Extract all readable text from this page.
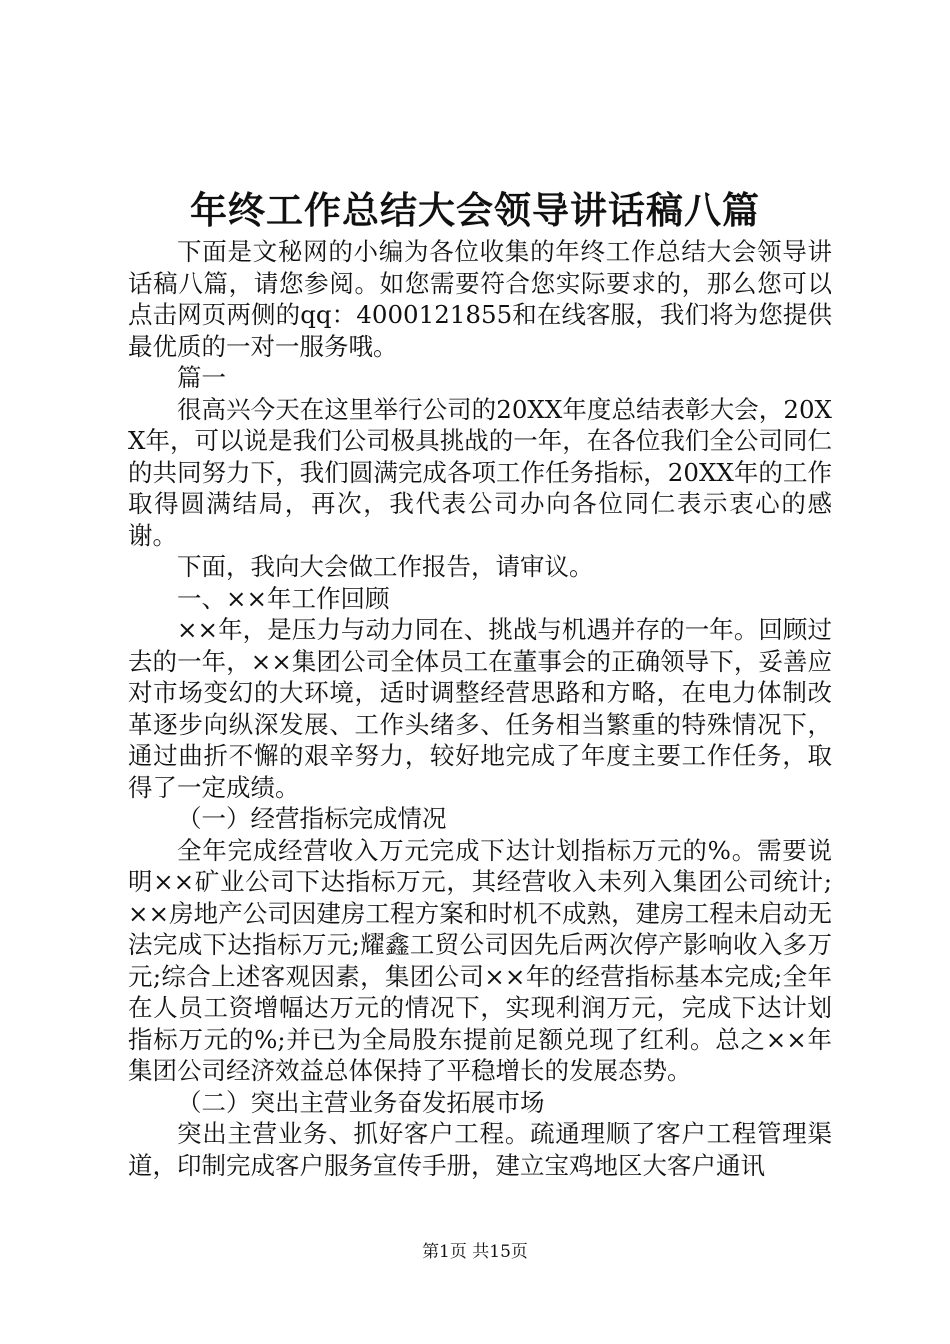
年终工作总结大会领导讲话稿八篇

下面是文秘网的小编为各位收集的年终工作总结大会领导讲话稿八篇，请您参阅。如您需要符合您实际要求的，那么您可以点击网页两侧的qq：4000121855和在线客服，我们将为您提供最优质的一对一服务哦。

篇一

很高兴今天在这里举行公司的20XX年度总结表彰大会，20XX年，可以说是我们公司极具挑战的一年，在各位我们全公司同仁的共同努力下，我们圆满完成各项工作任务指标，20XX年的工作取得圆满结局，再次，我代表公司办向各位同仁表示衷心的感谢。

下面，我向大会做工作报告，请审议。

一、××年工作回顾

××年，是压力与动力同在、挑战与机遇并存的一年。回顾过去的一年，××集团公司全体员工在董事会的正确领导下，妥善应对市场变幻的大环境，适时调整经营思路和方略，在电力体制改革逐步向纵深发展、工作头绪多、任务相当繁重的特殊情况下，通过曲折不懈的艰辛努力，较好地完成了年度主要工作任务，取得了一定成绩。

（一）经营指标完成情况

全年完成经营收入万元完成下达计划指标万元的%。需要说明××矿业公司下达指标万元，其经营收入未列入集团公司统计;××房地产公司因建房工程方案和时机不成熟，建房工程未启动无法完成下达指标万元;耀鑫工贸公司因先后两次停产影响收入多万元;综合上述客观因素，集团公司××年的经营指标基本完成;全年在人员工资增幅达万元的情况下，实现利润万元，完成下达计划指标万元的%;并已为全局股东提前足额兑现了红利。总之××年集团公司经济效益总体保持了平稳增长的发展态势。

（二）突出主营业务奋发拓展市场

突出主营业务、抓好客户工程。疏通理顺了客户工程管理渠道，印制完成客户服务宣传手册，建立宝鸡地区大客户通讯

第1页 共15页
